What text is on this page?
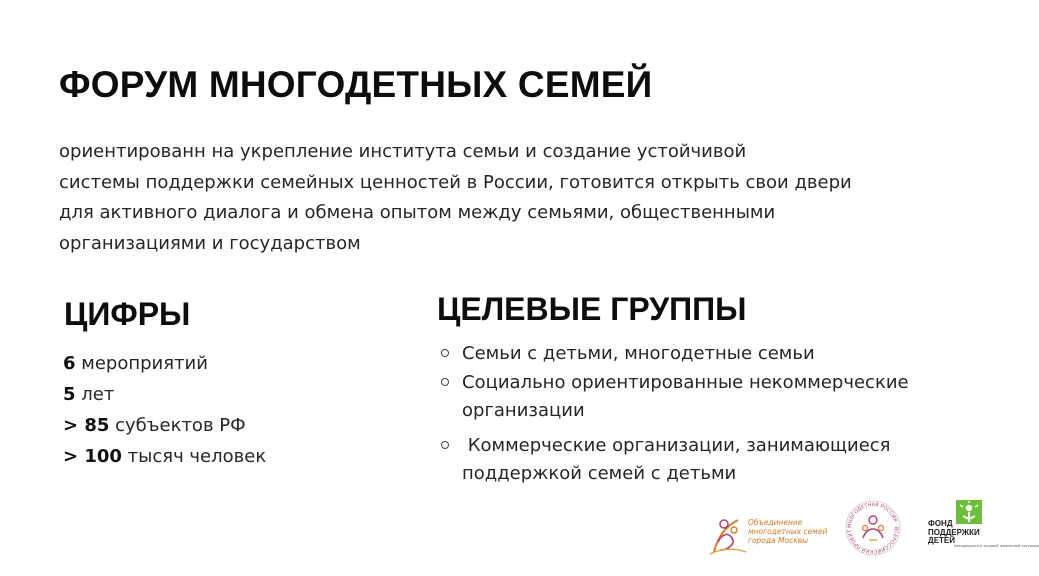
ФОРУМ МНОГОДЕТНЫХ СЕМЕЙ
ориентированн на укрепление института семьи и создание устойчивой
системы поддержки семейных ценностей в России, готовится открыть свои двери
для активного диалога и обмена опытом между семьями, общественными
организациями и государством
ЦИФРЫ
6 мероприятий
5 лет
> 85 субъектов РФ
> 100 тысяч человек
ЦЕЛЕВЫЕ ГРУППЫ
Семьи с детьми, многодетные семьи
Социально ориентированные некоммерческие
организации
Коммерческие организации, занимающиеся
поддержкой семей с детьми
Объединение
многодетных семей
города Москвы
МНОГОДЕТНАЯ РОССИЯ · ВСЕРОССИЙСКИЙ ПРОЕКТ
ФОНД
ПОДДЕРЖКИ
ДЕТЕЙ
находящихся в трудной жизненной ситуации
